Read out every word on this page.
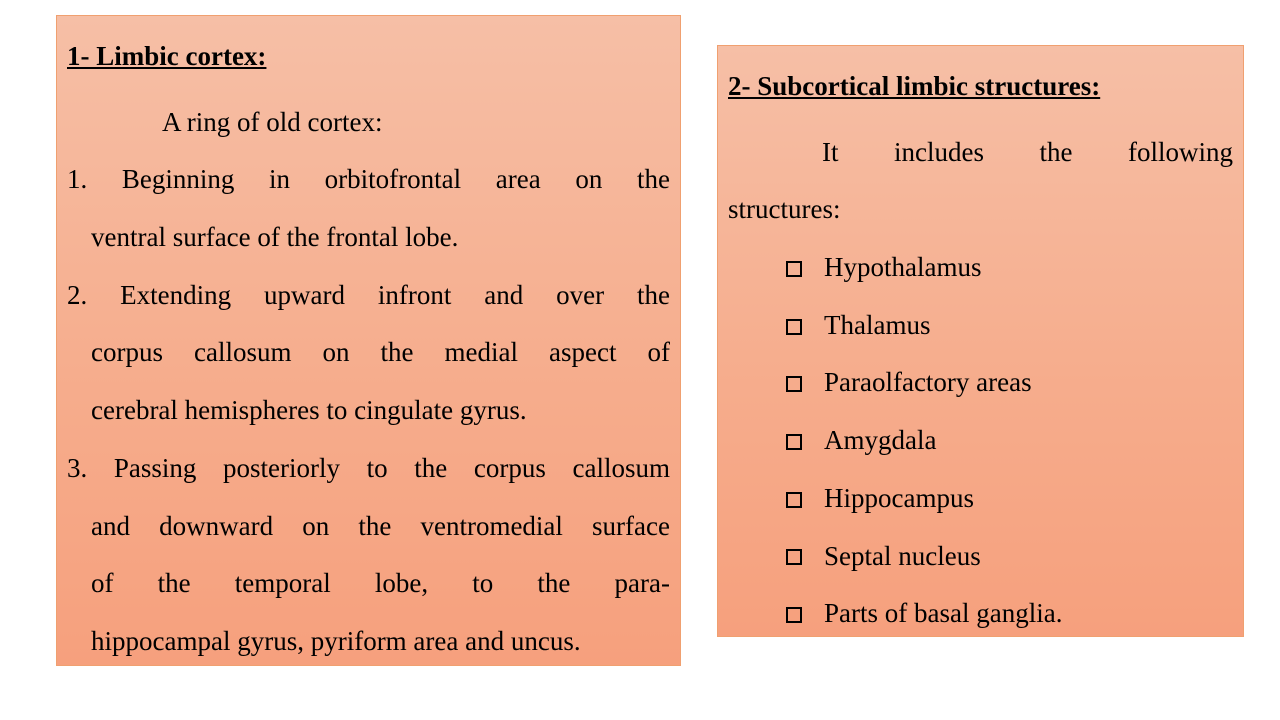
1- Limbic cortex:
A ring of old cortex:
1. Beginning in orbitofrontal area on the
ventral surface of the frontal lobe.
2. Extending upward infront and over the
corpus callosum on the medial aspect of
cerebral hemispheres to cingulate gyrus.
3. Passing posteriorly to the corpus callosum
and downward on the ventromedial surface
of the temporal lobe, to the para-
hippocampal gyrus, pyriform area and uncus.
2- Subcortical limbic structures:
It includes the following
structures:
Hypothalamus
Thalamus
Paraolfactory areas
Amygdala
Hippocampus
Septal nucleus
Parts of basal ganglia.
